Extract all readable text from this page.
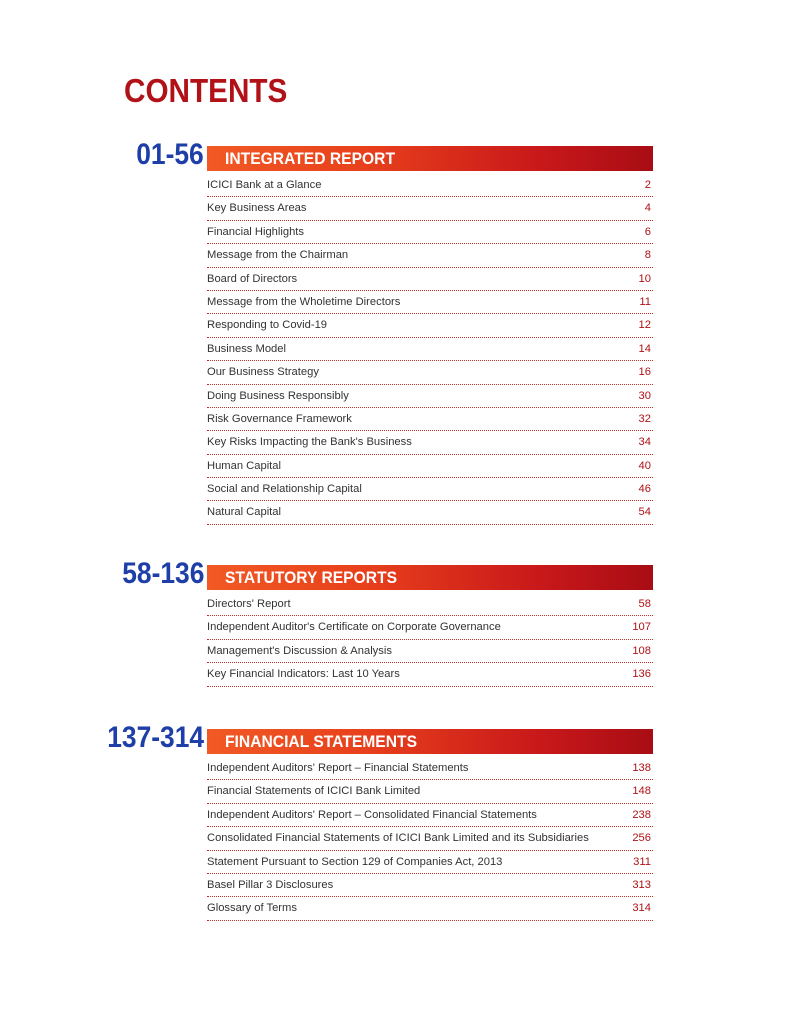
CONTENTS
01-56 INTEGRATED REPORT
ICICI Bank at a Glance	2
Key Business Areas	4
Financial Highlights	6
Message from the Chairman	8
Board of Directors	10
Message from the Wholetime Directors	11
Responding to Covid-19	12
Business Model	14
Our Business Strategy	16
Doing Business Responsibly	30
Risk Governance Framework	32
Key Risks Impacting the Bank's Business	34
Human Capital	40
Social and Relationship Capital	46
Natural Capital	54
58-136 STATUTORY REPORTS
Directors' Report	58
Independent Auditor's Certificate on Corporate Governance	107
Management's Discussion & Analysis	108
Key Financial Indicators: Last 10 Years	136
137-314 FINANCIAL STATEMENTS
Independent Auditors' Report – Financial Statements	138
Financial Statements of ICICI Bank Limited	148
Independent Auditors' Report – Consolidated Financial Statements	238
Consolidated Financial Statements of ICICI Bank Limited and its Subsidiaries	256
Statement Pursuant to Section 129 of Companies Act, 2013	311
Basel Pillar 3 Disclosures	313
Glossary of Terms	314
